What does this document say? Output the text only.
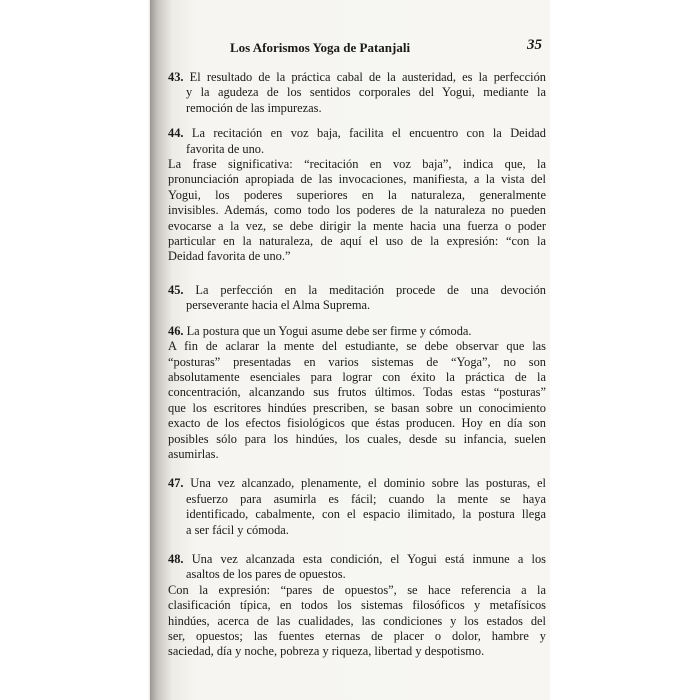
Los Aforismos Yoga de Patanjali	35
43. El resultado de la práctica cabal de la austeridad, es la perfección
y la agudeza de los sentidos corporales del Yogui, mediante la
remoción de las impurezas.
44. La recitación en voz baja, facilita el encuentro con la Deidad
favorita de uno.
La frase significativa: “recitación en voz baja”, indica que, la
pronunciación apropiada de las invocaciones, manifiesta, a la vista del
Yogui, los poderes superiores en la naturaleza, generalmente
invisibles. Además, como todo los poderes de la naturaleza no pueden
evocarse a la vez, se debe dirigir la mente hacia una fuerza o poder
particular en la naturaleza, de aquí el uso de la expresión: “con la
Deidad favorita de uno.”
45. La perfección en la meditación procede de una devoción
perseverante hacia el Alma Suprema.
46. La postura que un Yogui asume debe ser firme y cómoda.
A fin de aclarar la mente del estudiante, se debe observar que las
“posturas” presentadas en varios sistemas de “Yoga”, no son
absolutamente esenciales para lograr con éxito la práctica de la
concentración, alcanzando sus frutos últimos. Todas estas “posturas”
que los escritores hindúes prescriben, se basan sobre un conocimiento
exacto de los efectos fisiológicos que éstas producen. Hoy en día son
posibles sólo para los hindúes, los cuales, desde su infancia, suelen
asumirlas.
47. Una vez alcanzado, plenamente, el dominio sobre las posturas, el
esfuerzo para asumirla es fácil; cuando la mente se haya
identificado, cabalmente, con el espacio ilimitado, la postura llega
a ser fácil y cómoda.
48. Una vez alcanzada esta condición, el Yogui está inmune a los
asaltos de los pares de opuestos.
Con la expresión: “pares de opuestos”, se hace referencia a la
clasificación típica, en todos los sistemas filosóficos y metafísicos
hindúes, acerca de las cualidades, las condiciones y los estados del
ser, opuestos; las fuentes eternas de placer o dolor, hambre y
saciedad, día y noche, pobreza y riqueza, libertad y despotismo.
